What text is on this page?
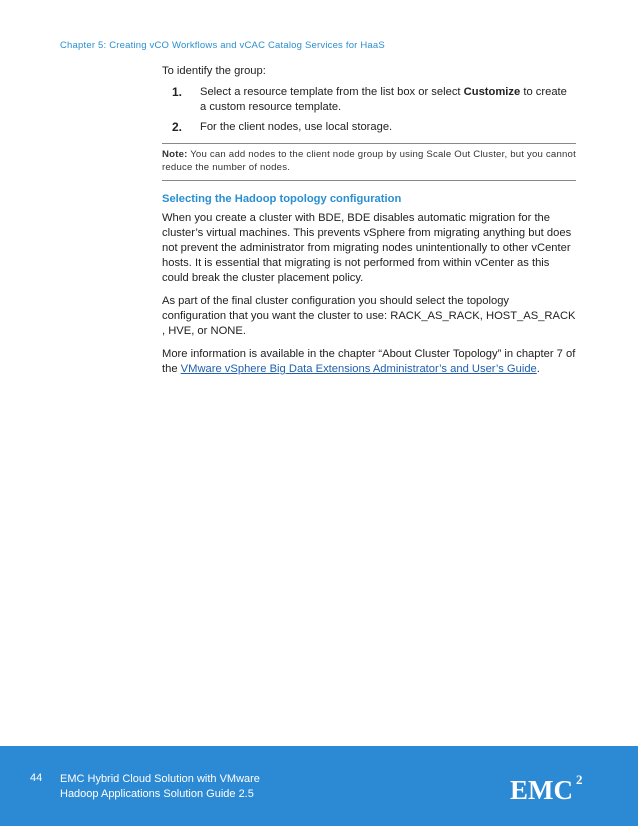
Chapter 5: Creating vCO Workflows and vCAC Catalog Services for HaaS

To identify the group:

1.	Select a resource template from the list box or select Customize to create a custom resource template.
2.	For the client nodes, use local storage.
Note: You can add nodes to the client node group by using Scale Out Cluster, but you cannot reduce the number of nodes.
Selecting the Hadoop topology configuration

When you create a cluster with BDE, BDE disables automatic migration for the cluster’s virtual machines. This prevents vSphere from migrating anything but does not prevent the administrator from migrating nodes unintentionally to other vCenter hosts. It is essential that migrating is not performed from within vCenter as this could break the cluster placement policy.

As part of the final cluster configuration you should select the topology configuration that you want the cluster to use: RACK_AS_RACK, HOST_AS_RACK , HVE, or NONE.

More information is available in the chapter “About Cluster Topology” in chapter 7 of the VMware vSphere Big Data Extensions Administrator’s and User’s Guide.

44 EMC Hybrid Cloud Solution with VMware
Hadoop Applications Solution Guide 2.5	EMC 2
